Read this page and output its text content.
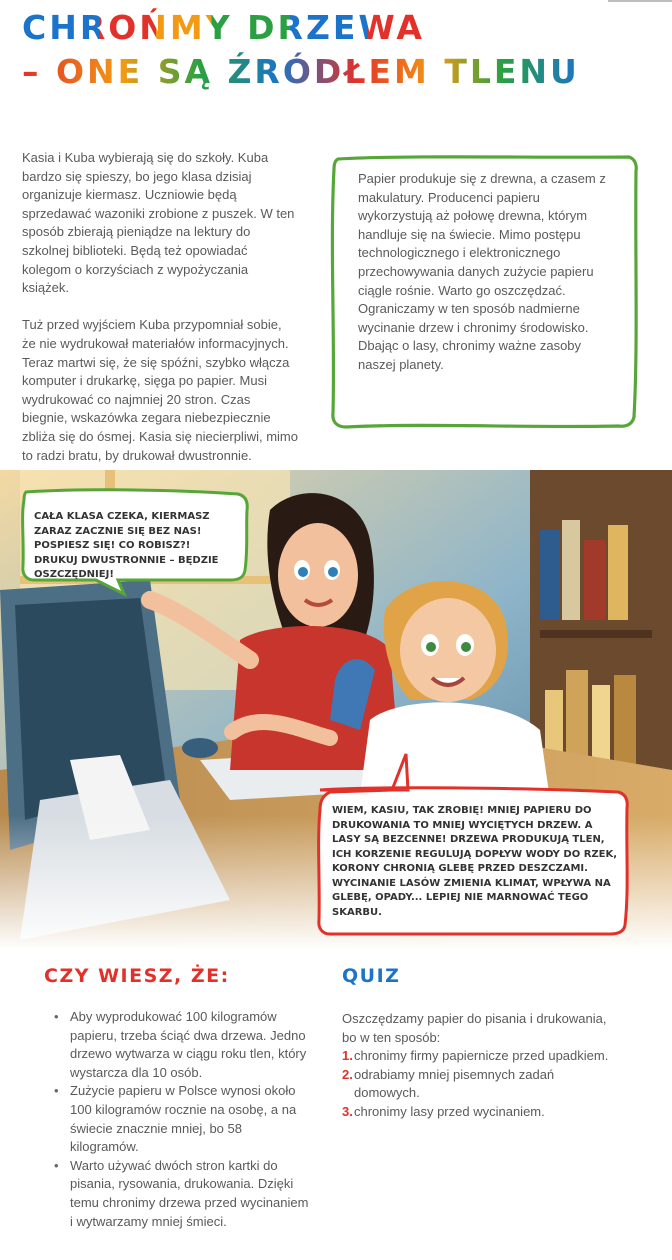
CHROŃMY DRZEWA
– ONE SĄ ŹRÓDŁEM TLENU

Kasia i Kuba wybierają się do szkoły. Kuba bardzo się spieszy, bo jego klasa dzisiaj organizuje kiermasz. Uczniowie będą sprzedawać wazoniki zrobione z puszek. W ten sposób zbierają pieniądze na lektury do szkolnej biblioteki. Będą też opowiadać kolegom o korzyściach z wypożyczania książek.

Tuż przed wyjściem Kuba przypomniał sobie, że nie wydrukował materiałów informacyjnych. Teraz martwi się, że się spóźni, szybko włącza komputer i drukarkę, sięga po papier. Musi wydrukować co najmniej 20 stron. Czas biegnie, wskazówka zegara niebezpiecznie zbliża się do ósmej. Kasia się niecierpliwi, mimo to radzi bratu, by drukował dwustronnie.

Papier produkuje się z drewna, a czasem z makulatury. Producenci papieru wykorzystują aż połowę drewna, którym handluje się na świecie. Mimo postępu technologicznego i elektronicznego przechowywania danych zużycie papieru ciągle rośnie. Warto go oszczędzać. Ograniczamy w ten sposób nadmierne wycinanie drzew i chronimy środowisko. Dbając o lasy, chronimy ważne zasoby naszej planety.
CAŁA KLASA CZEKA, KIERMASZ ZARAZ ZACZNIE SIĘ BEZ NAS! POSPIESZ SIĘ! CO ROBISZ?! DRUKUJ DWUSTRONNIE – BĘDZIE OSZCZĘDNIEJ!
WIEM, KASIU, TAK ZROBIĘ! MNIEJ PAPIERU DO DRUKOWANIA TO MNIEJ WYCIĘTYCH DRZEW. A LASY SĄ BEZCENNE! DRZEWA PRODUKUJĄ TLEN, ICH KORZENIE REGULUJĄ DOPŁYW WODY DO RZEK, KORONY CHRONIĄ GLEBĘ PRZED DESZCZAMI. WYCINANIE LASÓW ZMIENIA KLIMAT, WPŁYWA NA GLEBĘ, OPADY... LEPIEJ NIE MARNOWAĆ TEGO SKARBU.
CZY WIESZ, ŻE:
• Aby wyprodukować 100 kilogramów papieru, trzeba ściąć dwa drzewa. Jedno drzewo wytwarza w ciągu roku tlen, który wystarcza dla 10 osób.
• Zużycie papieru w Polsce wynosi około 100 kilogramów rocznie na osobę, a na świecie znacznie mniej, bo 58 kilogramów.
• Warto używać dwóch stron kartki do pisania, rysowania, drukowania. Dzięki temu chronimy drzewa przed wycinaniem i wytwarzamy mniej śmieci.
QUIZ

Oszczędzamy papier do pisania i drukowania, bo w ten sposób:

1. chronimy firmy papiernicze przed upadkiem.
2. odrabiamy mniej pisemnych zadań domowych.
3. chronimy lasy przed wycinaniem.
